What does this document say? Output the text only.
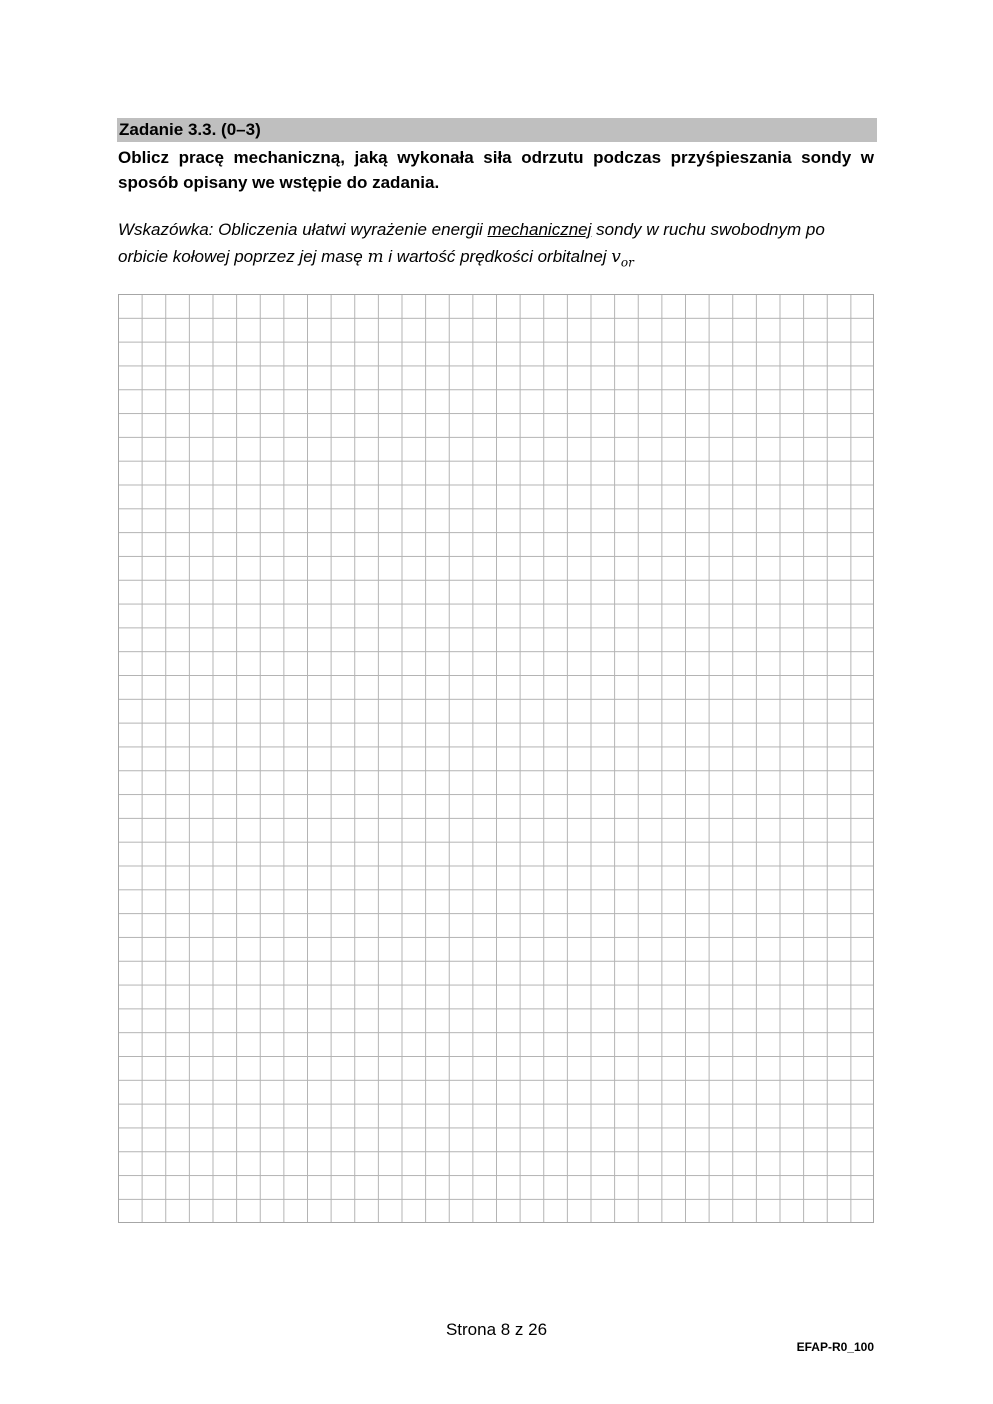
Zadanie 3.3. (0–3)
Oblicz pracę mechaniczną, jaką wykonała siła odrzutu podczas przyśpieszania sondy w sposób opisany we wstępie do zadania.
Wskazówka: Obliczenia ułatwi wyrażenie energii mechanicznej sondy w ruchu swobodnym po orbicie kołowej poprzez jej masę m i wartość prędkości orbitalnej $v_{or}$
Strona 8 z 26
EFAP-R0_100
